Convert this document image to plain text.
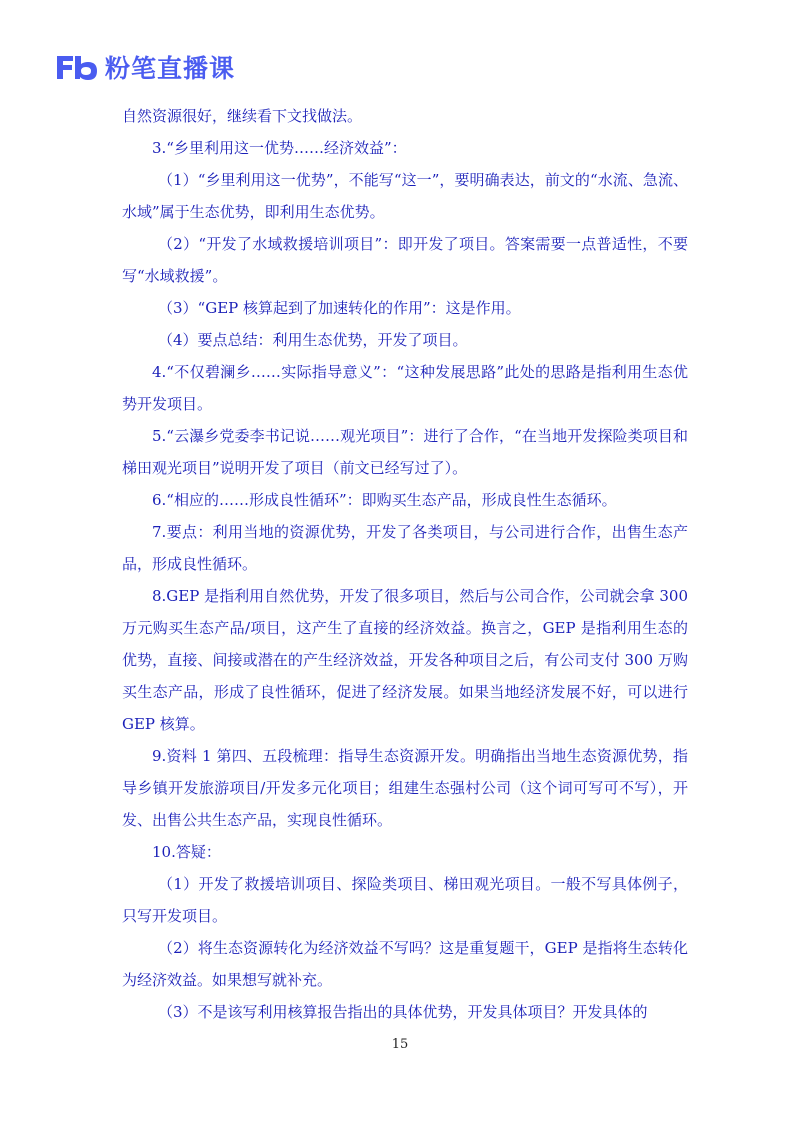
粉笔直播课

自然资源很好，继续看下文找做法。

3.“乡里利用这一优势……经济效益”：

（1）“乡里利用这一优势”，不能写“这一”，要明确表达，前文的“水流、急流、水域”属于生态优势，即利用生态优势。

（2）“开发了水域救援培训项目”：即开发了项目。答案需要一点普适性，不要写“水域救援”。

（3）“GEP 核算起到了加速转化的作用”：这是作用。

（4）要点总结：利用生态优势，开发了项目。

4.“不仅碧澜乡……实际指导意义”：“这种发展思路”此处的思路是指利用生态优势开发项目。

5.“云瀑乡党委李书记说……观光项目”：进行了合作，“在当地开发探险类项目和梯田观光项目”说明开发了项目（前文已经写过了）。

6.“相应的……形成良性循环”：即购买生态产品，形成良性生态循环。

7.要点：利用当地的资源优势，开发了各类项目，与公司进行合作，出售生态产品，形成良性循环。

8.GEP 是指利用自然优势，开发了很多项目，然后与公司合作，公司就会拿 300 万元购买生态产品/项目，这产生了直接的经济效益。换言之，GEP 是指利用生态的优势，直接、间接或潜在的产生经济效益，开发各种项目之后，有公司支付 300 万购买生态产品，形成了良性循环，促进了经济发展。如果当地经济发展不好，可以进行 GEP 核算。

9.资料 1 第四、五段梳理：指导生态资源开发。明确指出当地生态资源优势，指导乡镇开发旅游项目/开发多元化项目；组建生态强村公司（这个词可写可不写），开发、出售公共生态产品，实现良性循环。

10.答疑：

（1）开发了救援培训项目、探险类项目、梯田观光项目。一般不写具体例子，只写开发项目。

（2）将生态资源转化为经济效益不写吗？这是重复题干，GEP 是指将生态转化为经济效益。如果想写就补充。

（3）不是该写利用核算报告指出的具体优势，开发具体项目？开发具体的

15
